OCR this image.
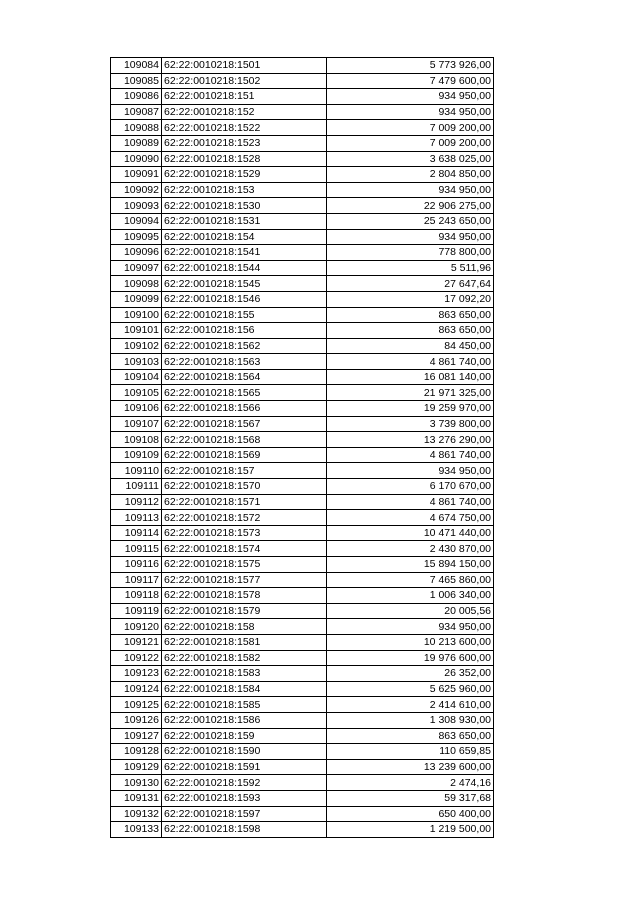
109084	62:22:0010218:1501	5 773 926,00
109085	62:22:0010218:1502	7 479 600,00
109086	62:22:0010218:151	934 950,00
109087	62:22:0010218:152	934 950,00
109088	62:22:0010218:1522	7 009 200,00
109089	62:22:0010218:1523	7 009 200,00
109090	62:22:0010218:1528	3 638 025,00
109091	62:22:0010218:1529	2 804 850,00
109092	62:22:0010218:153	934 950,00
109093	62:22:0010218:1530	22 906 275,00
109094	62:22:0010218:1531	25 243 650,00
109095	62:22:0010218:154	934 950,00
109096	62:22:0010218:1541	778 800,00
109097	62:22:0010218:1544	5 511,96
109098	62:22:0010218:1545	27 647,64
109099	62:22:0010218:1546	17 092,20
109100	62:22:0010218:155	863 650,00
109101	62:22:0010218:156	863 650,00
109102	62:22:0010218:1562	84 450,00
109103	62:22:0010218:1563	4 861 740,00
109104	62:22:0010218:1564	16 081 140,00
109105	62:22:0010218:1565	21 971 325,00
109106	62:22:0010218:1566	19 259 970,00
109107	62:22:0010218:1567	3 739 800,00
109108	62:22:0010218:1568	13 276 290,00
109109	62:22:0010218:1569	4 861 740,00
109110	62:22:0010218:157	934 950,00
109111	62:22:0010218:1570	6 170 670,00
109112	62:22:0010218:1571	4 861 740,00
109113	62:22:0010218:1572	4 674 750,00
109114	62:22:0010218:1573	10 471 440,00
109115	62:22:0010218:1574	2 430 870,00
109116	62:22:0010218:1575	15 894 150,00
109117	62:22:0010218:1577	7 465 860,00
109118	62:22:0010218:1578	1 006 340,00
109119	62:22:0010218:1579	20 005,56
109120	62:22:0010218:158	934 950,00
109121	62:22:0010218:1581	10 213 600,00
109122	62:22:0010218:1582	19 976 600,00
109123	62:22:0010218:1583	26 352,00
109124	62:22:0010218:1584	5 625 960,00
109125	62:22:0010218:1585	2 414 610,00
109126	62:22:0010218:1586	1 308 930,00
109127	62:22:0010218:159	863 650,00
109128	62:22:0010218:1590	110 659,85
109129	62:22:0010218:1591	13 239 600,00
109130	62:22:0010218:1592	2 474,16
109131	62:22:0010218:1593	59 317,68
109132	62:22:0010218:1597	650 400,00
109133	62:22:0010218:1598	1 219 500,00
